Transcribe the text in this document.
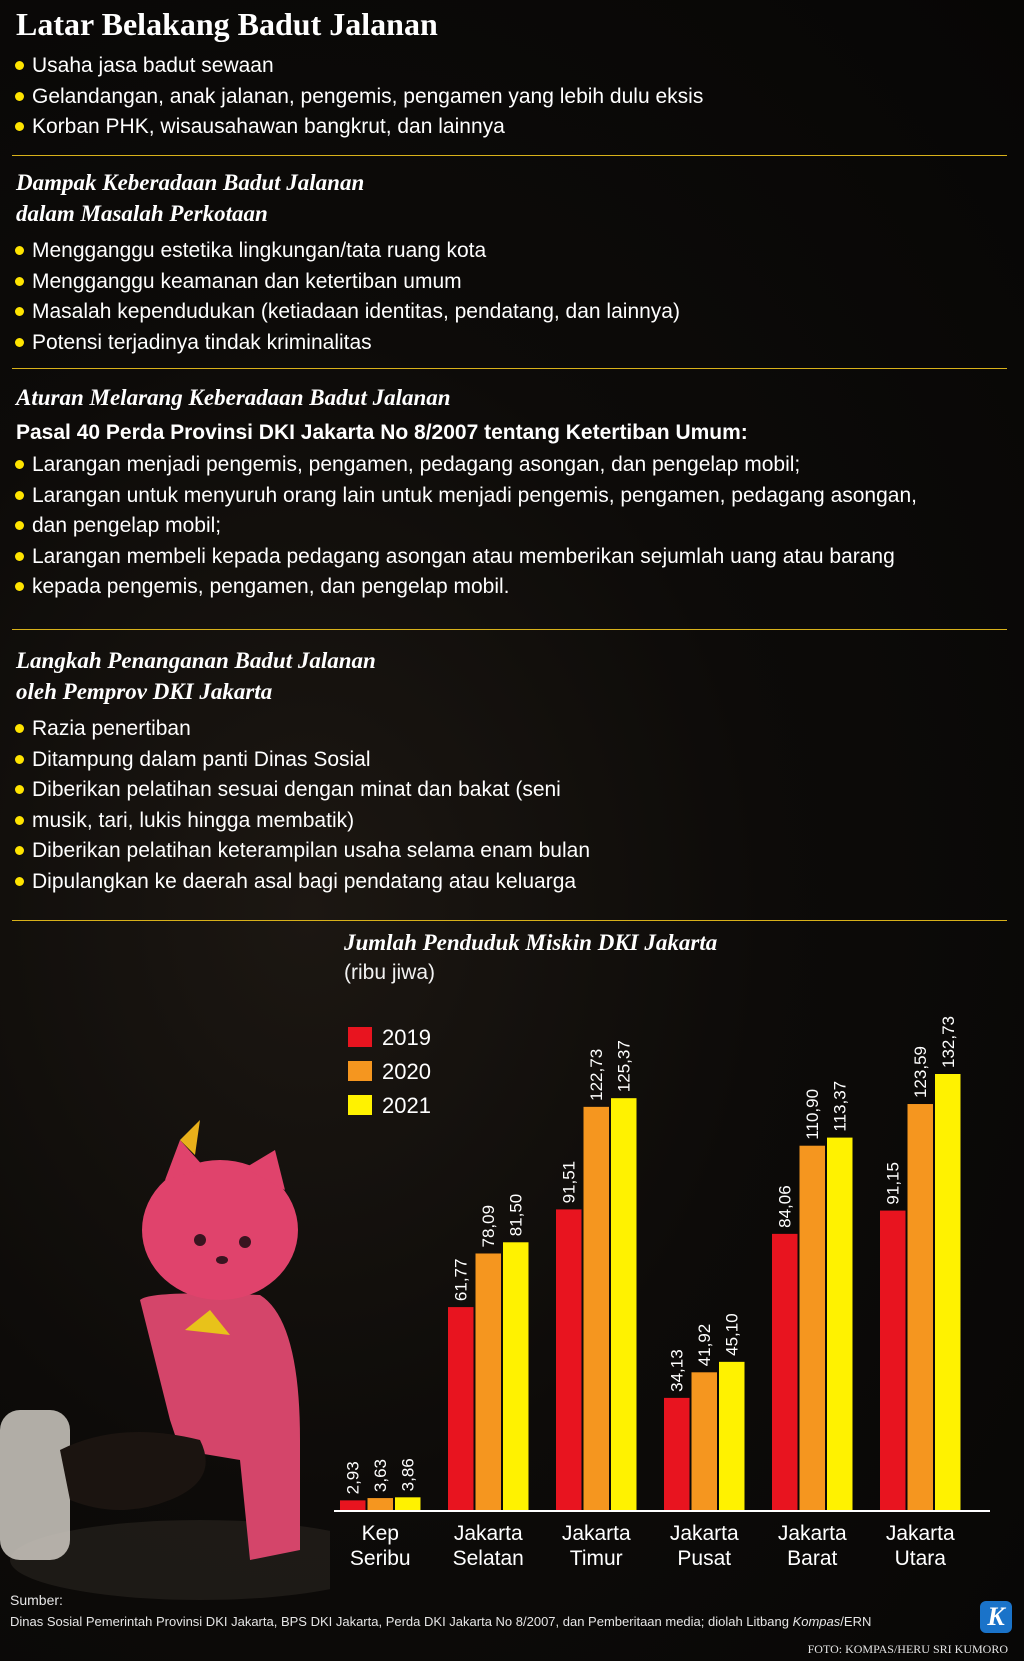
Latar Belakang Badut Jalanan
Usaha jasa badut sewaan
Gelandangan, anak jalanan, pengemis, pengamen yang lebih dulu eksis
Korban PHK, wisausahawan bangkrut, dan lainnya
Dampak Keberadaan Badut Jalanan
dalam Masalah Perkotaan
Mengganggu estetika lingkungan/tata ruang kota
Mengganggu keamanan dan ketertiban umum
Masalah kependudukan (ketiadaan identitas, pendatang, dan lainnya)
Potensi terjadinya tindak kriminalitas
Aturan Melarang Keberadaan Badut Jalanan

Pasal 40 Perda Provinsi DKI Jakarta No 8/2007 tentang Ketertiban Umum:

Larangan menjadi pengemis, pengamen, pedagang asongan, dan pengelap mobil;
Larangan untuk menyuruh orang lain untuk menjadi pengemis, pengamen, pedagang asongan,
dan pengelap mobil;
Larangan membeli kepada pedagang asongan atau memberikan sejumlah uang atau barang
kepada pengemis, pengamen, dan pengelap mobil.
Langkah Penanganan Badut Jalanan
oleh Pemprov DKI Jakarta
Razia penertiban
Ditampung dalam panti Dinas Sosial
Diberikan pelatihan sesuai dengan minat dan bakat (seni
musik, tari, lukis hingga membatik)
Diberikan pelatihan keterampilan usaha selama enam bulan
Dipulangkan ke daerah asal bagi pendatang atau keluarga
Jumlah Penduduk Miskin DKI Jakarta

(ribu jiwa)

2019
2020
2021
2,93 3,63 3,86
Kep
Seribu
61,77
78,09 81,50
Jakarta
Selatan
91,51
122,73 125,37
Jakarta
Timur
34,13
41,92 45,10
Jakarta
Pusat
84,06
110,90 113,37
Jakarta
Barat
91,15
123,59
132,73
Jakarta
Utara
Sumber:
Dinas Sosial Pemerintah Provinsi DKI Jakarta, BPS DKI Jakarta, Perda DKI Jakarta No 8/2007, dan Pemberitaan media; diolah Litbang Kompas/ERN	K
FOTO: KOMPAS/HERU SRI KUMORO
